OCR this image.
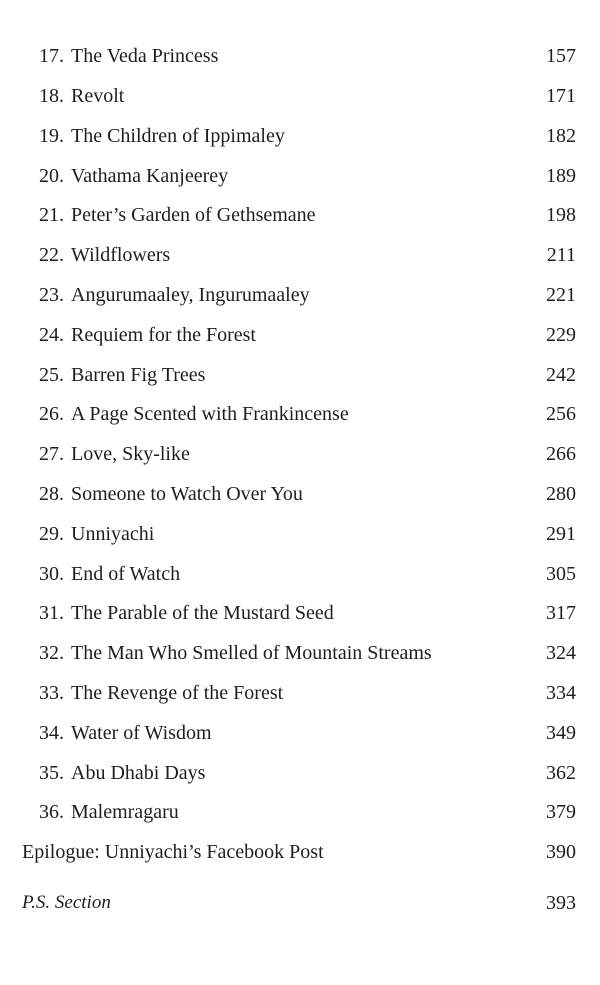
17. The Veda Princess	157
18. Revolt	171
19. The Children of Ippimaley	182
20. Vathama Kanjeerey	189
21. Peter’s Garden of Gethsemane	198
22. Wildflowers	211
23. Angurumaaley, Ingurumaaley	221
24. Requiem for the Forest	229
25. Barren Fig Trees	242
26. A Page Scented with Frankincense	256
27. Love, Sky-like	266
28. Someone to Watch Over You	280
29. Unniyachi	291
30. End of Watch	305
31. The Parable of the Mustard Seed	317
32. The Man Who Smelled of Mountain Streams	324
33. The Revenge of the Forest	334
34. Water of Wisdom	349
35. Abu Dhabi Days	362
36. Malemragaru	379
Epilogue: Unniyachi’s Facebook Post	390
P.S. Section	393
